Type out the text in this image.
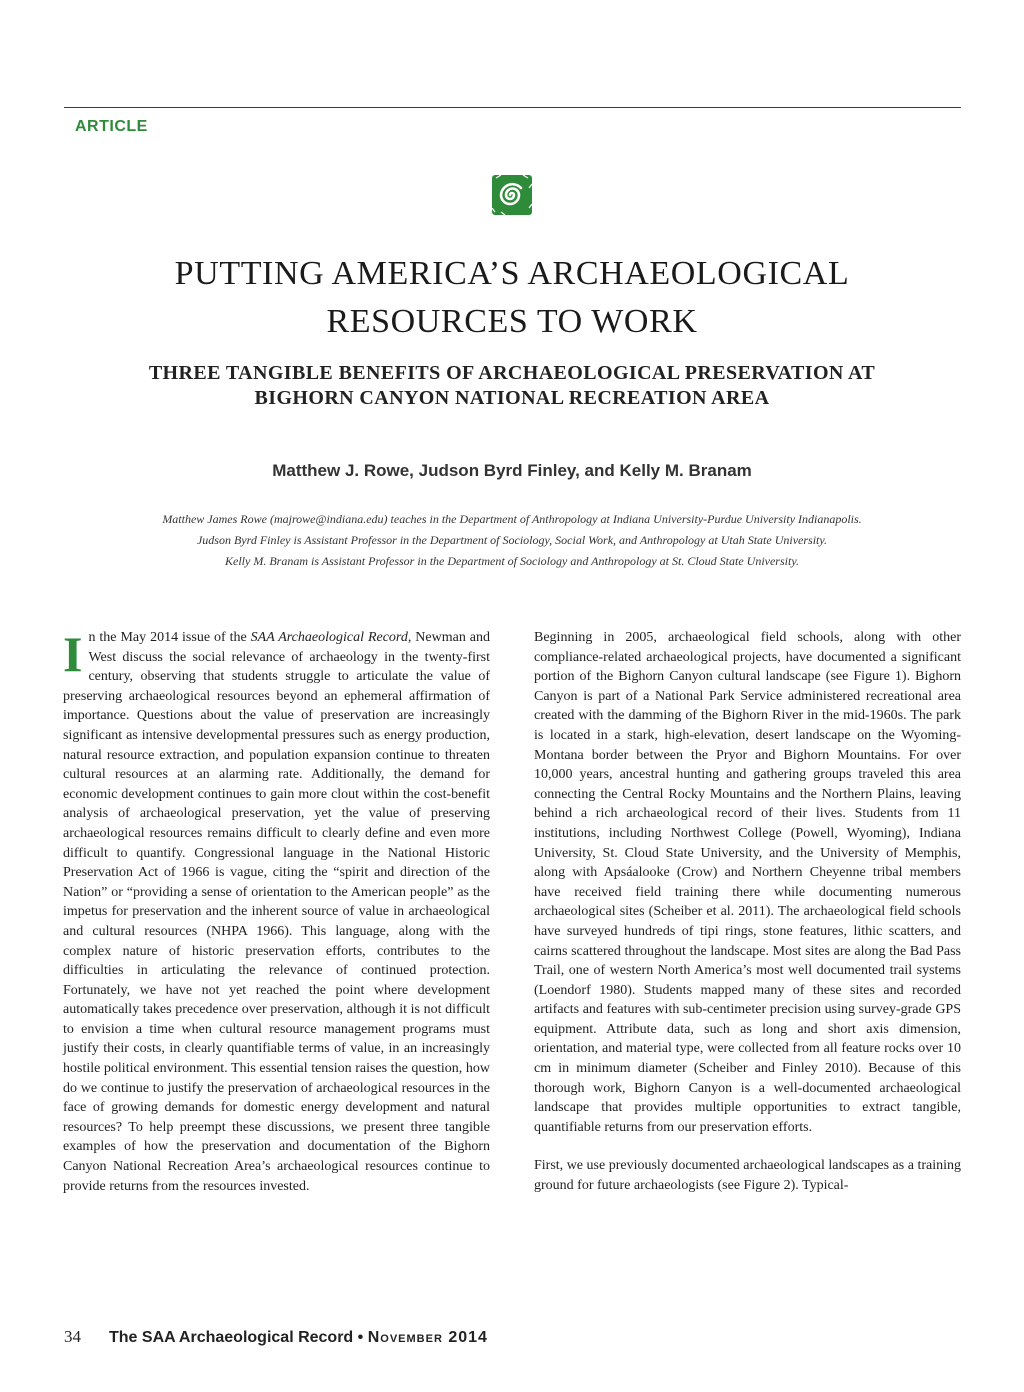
ARTICLE
PUTTING AMERICA’S ARCHAEOLOGICAL
RESOURCES TO WORK
THREE TANGIBLE BENEFITS OF ARCHAEOLOGICAL PRESERVATION AT
BIGHORN CANYON NATIONAL RECREATION AREA
Matthew J. Rowe, Judson Byrd Finley, and Kelly M. Branam
Matthew James Rowe (majrowe@indiana.edu) teaches in the Department of Anthropology at Indiana University-Purdue University Indianapolis.
Judson Byrd Finley is Assistant Professor in the Department of Sociology, Social Work, and Anthropology at Utah State University.
Kelly M. Branam is Assistant Professor in the Department of Sociology and Anthropology at St. Cloud State University.

In the May 2014 issue of the SAA Archaeological Record, Newman and West discuss the social relevance of archaeology in the twenty-first century, observing that students struggle to articulate the value of preserving archaeological resources beyond an ephemeral affirmation of importance. Questions about the value of preservation are increasingly significant as intensive developmental pressures such as energy production, natural resource extraction, and population expansion continue to threaten cultural resources at an alarming rate. Additionally, the demand for economic development continues to gain more clout within the cost-benefit analysis of archaeological preservation, yet the value of preserving archaeological resources remains difficult to clearly define and even more difficult to quantify. Congressional language in the National Historic Preservation Act of 1966 is vague, citing the “spirit and direction of the Nation” or “providing a sense of orientation to the American people” as the impetus for preservation and the inherent source of value in archaeological and cultural resources (NHPA 1966). This language, along with the complex nature of historic preservation efforts, contributes to the difficulties in articulating the relevance of continued protection. Fortunately, we have not yet reached the point where development automatically takes precedence over preservation, although it is not difficult to envision a time when cultural resource management programs must justify their costs, in clearly quantifiable terms of value, in an increasingly hostile political environment. This essential tension raises the question, how do we continue to justify the preservation of archaeological resources in the face of growing demands for domestic energy development and natural resources? To help preempt these discussions, we present three tangible examples of how the preservation and documentation of the Bighorn Canyon National Recreation Area’s archaeological resources continue to provide returns from the resources invested.

Beginning in 2005, archaeological field schools, along with other compliance-related archaeological projects, have documented a significant portion of the Bighorn Canyon cultural landscape (see Figure 1). Bighorn Canyon is part of a National Park Service administered recreational area created with the damming of the Bighorn River in the mid-1960s. The park is located in a stark, high-elevation, desert landscape on the Wyoming-Montana border between the Pryor and Bighorn Mountains. For over 10,000 years, ancestral hunting and gathering groups traveled this area connecting the Central Rocky Mountains and the Northern Plains, leaving behind a rich archaeological record of their lives. Students from 11 institutions, including Northwest College (Powell, Wyoming), Indiana University, St. Cloud State University, and the University of Memphis, along with Apsáalooke (Crow) and Northern Cheyenne tribal members have received field training there while documenting numerous archaeological sites (Scheiber et al. 2011). The archaeological field schools have surveyed hundreds of tipi rings, stone features, lithic scatters, and cairns scattered throughout the landscape. Most sites are along the Bad Pass Trail, one of western North America’s most well documented trail systems (Loendorf 1980). Students mapped many of these sites and recorded artifacts and features with sub-centimeter precision using survey-grade GPS equipment. Attribute data, such as long and short axis dimension, orientation, and material type, were collected from all feature rocks over 10 cm in minimum diameter (Scheiber and Finley 2010). Because of this thorough work, Bighorn Canyon is a well-documented archaeological landscape that provides multiple opportunities to extract tangible, quantifiable returns from our preservation efforts.

First, we use previously documented archaeological landscapes as a training ground for future archaeologists (see Figure 2). Typical-

34 The SAA Archaeological Record • November 2014
